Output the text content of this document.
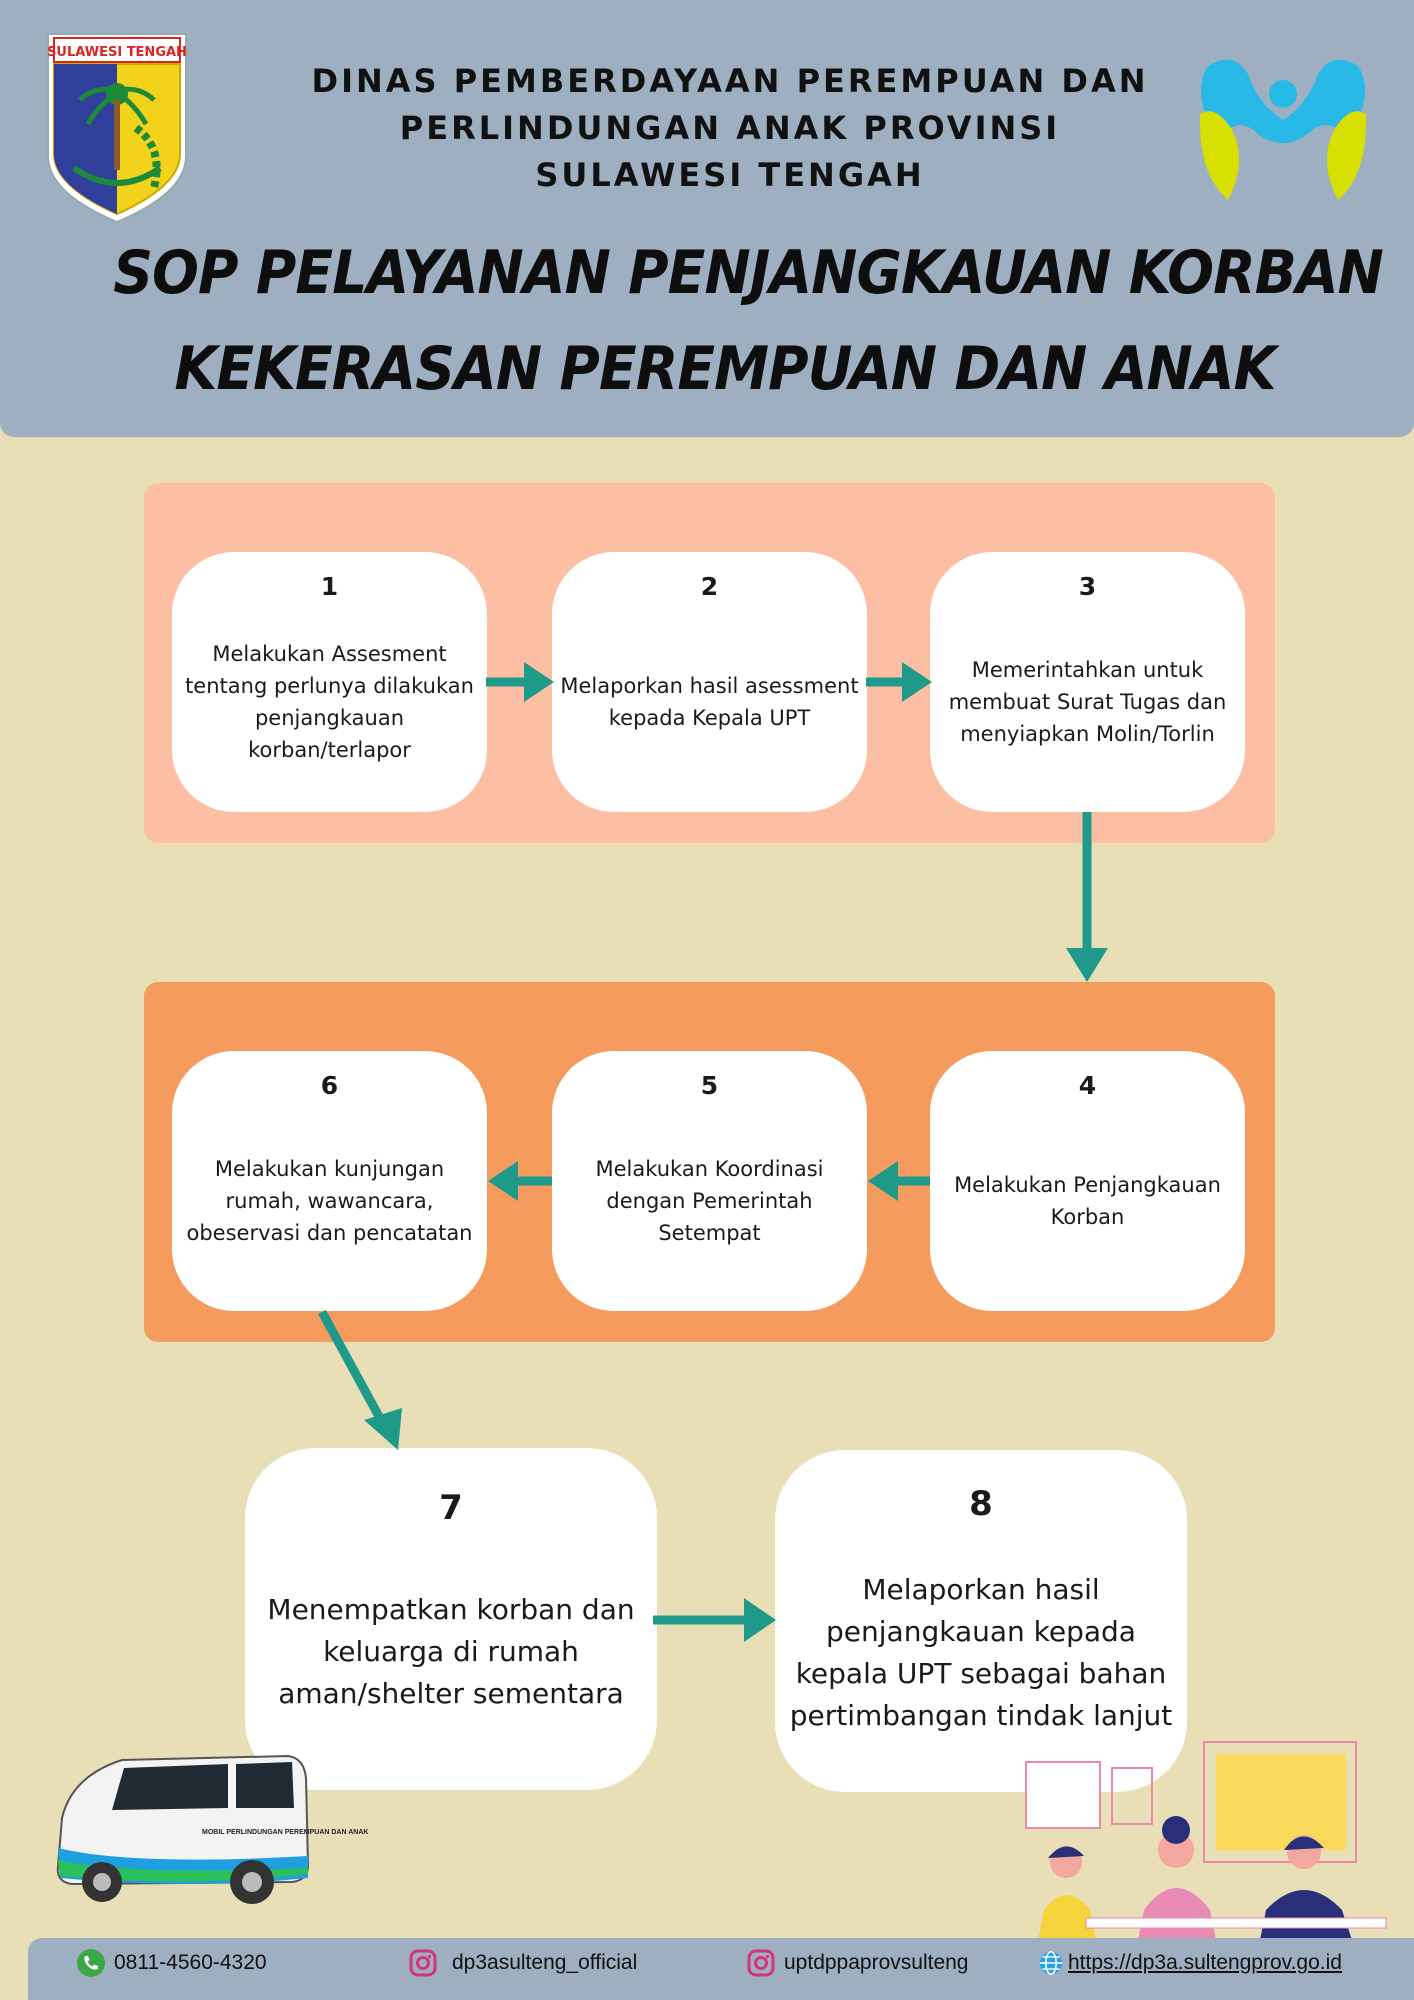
SULAWESI TENGAH
DINAS PEMBERDAYAAN PEREMPUAN DAN
PERLINDUNGAN ANAK PROVINSI
SULAWESI TENGAH
SOP PELAYANAN PENJANGKAUAN KORBAN
KEKERASAN PEREMPUAN DAN ANAK
1
Melakukan Assesment tentang perlunya dilakukan penjangkauan korban/terlapor
2
Melaporkan hasil asessment kepada Kepala UPT
3
Memerintahkan untuk membuat Surat Tugas dan menyiapkan Molin/Torlin
4
Melakukan Penjangkauan Korban
5
Melakukan Koordinasi dengan Pemerintah Setempat
6
Melakukan kunjungan rumah, wawancara, obeservasi dan pencatatan
7
Menempatkan korban dan keluarga di rumah aman/shelter sementara
8
Melaporkan hasil penjangkauan kepada kepala UPT sebagai bahan pertimbangan tindak lanjut
MOBIL PERLINDUNGAN PEREMPUAN DAN ANAK
0811-4560-4320	dp3asulteng_official	uptdppaprovsulteng	https://dp3a.sultengprov.go.id
